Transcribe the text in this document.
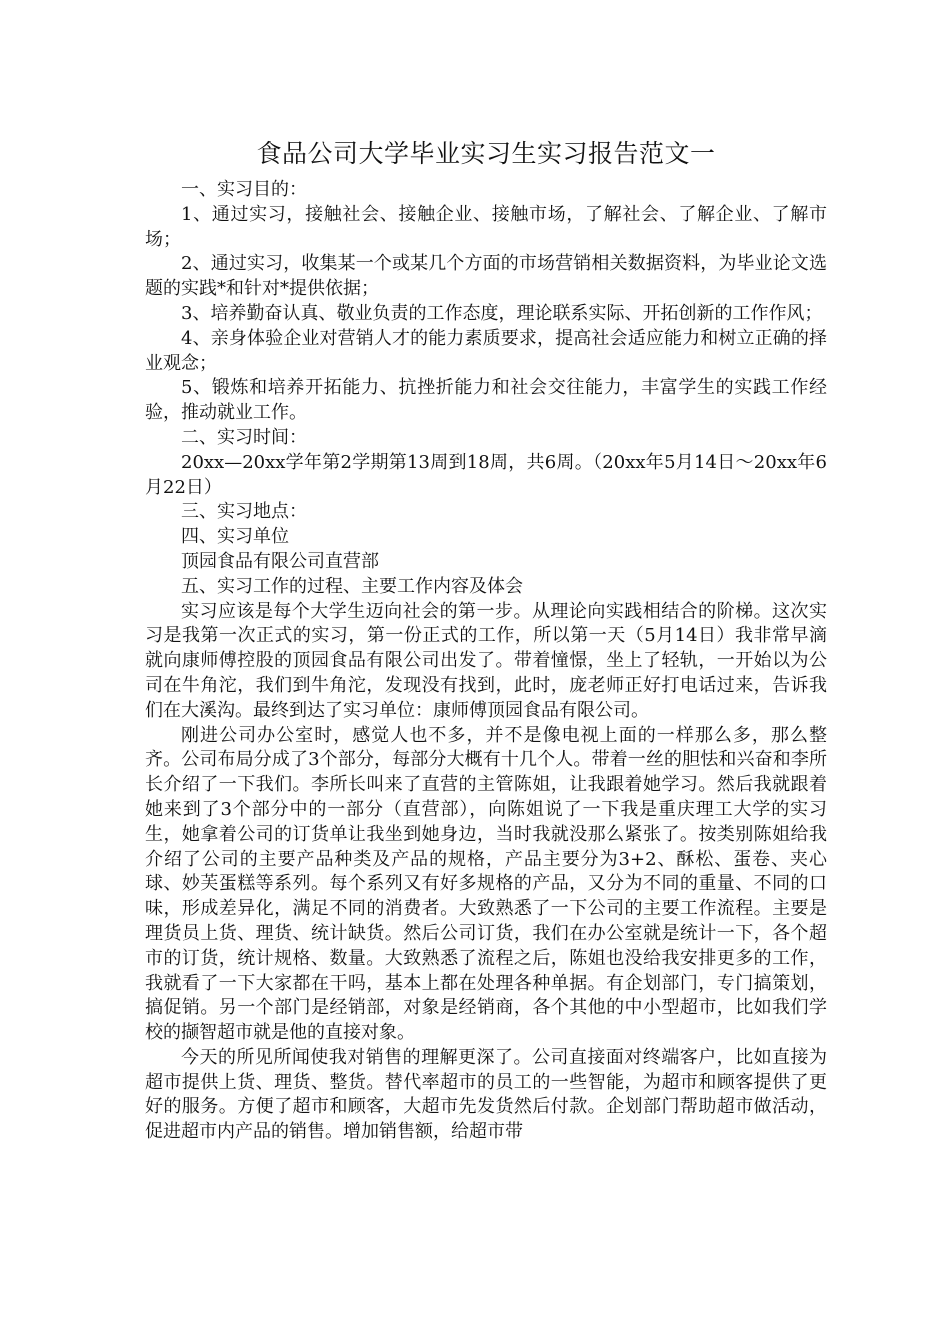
食品公司大学毕业实习生实习报告范文一

一、实习目的：

1、通过实习，接触社会、接触企业、接触市场，了解社会、了解企业、了解市场；

2、通过实习，收集某一个或某几个方面的市场营销相关数据资料，为毕业论文选题的实践*和针对*提供依据；

3、培养勤奋认真、敬业负责的工作态度，理论联系实际、开拓创新的工作作风；

4、亲身体验企业对营销人才的能力素质要求，提高社会适应能力和树立正确的择业观念；

5、锻炼和培养开拓能力、抗挫折能力和社会交往能力，丰富学生的实践工作经验，推动就业工作。

二、实习时间：

20xx—20xx学年第2学期第13周到18周，共6周。（20xx年5月14日～20xx年6月22日）

三、实习地点：

四、实习单位

顶园食品有限公司直营部

五、实习工作的过程、主要工作内容及体会

实习应该是每个大学生迈向社会的第一步。从理论向实践相结合的阶梯。这次实习是我第一次正式的实习，第一份正式的工作，所以第一天（5月14日）我非常早滴就向康师傅控股的顶园食品有限公司出发了。带着憧憬，坐上了轻轨，一开始以为公司在牛角沱，我们到牛角沱，发现没有找到，此时，庞老师正好打电话过来，告诉我们在大溪沟。最终到达了实习单位：康师傅顶园食品有限公司。

刚进公司办公室时，感觉人也不多，并不是像电视上面的一样那么多，那么整齐。公司布局分成了3个部分，每部分大概有十几个人。带着一丝的胆怯和兴奋和李所长介绍了一下我们。李所长叫来了直营的主管陈姐，让我跟着她学习。然后我就跟着她来到了3个部分中的一部分（直营部），向陈姐说了一下我是重庆理工大学的实习生，她拿着公司的订货单让我坐到她身边，当时我就没那么紧张了。按类别陈姐给我介绍了公司的主要产品种类及产品的规格，产品主要分为3+2、酥松、蛋卷、夹心球、妙芙蛋糕等系列。每个系列又有好多规格的产品，又分为不同的重量、不同的口味，形成差异化，满足不同的消费者。大致熟悉了一下公司的主要工作流程。主要是理货员上货、理货、统计缺货。然后公司订货，我们在办公室就是统计一下，各个超市的订货，统计规格、数量。大致熟悉了流程之后，陈姐也没给我安排更多的工作，我就看了一下大家都在干吗，基本上都在处理各种单据。有企划部门，专门搞策划，搞促销。另一个部门是经销部，对象是经销商，各个其他的中小型超市，比如我们学校的撷智超市就是他的直接对象。

今天的所见所闻使我对销售的理解更深了。公司直接面对终端客户，比如直接为超市提供上货、理货、整货。替代率超市的员工的一些智能，为超市和顾客提供了更好的服务。方便了超市和顾客，大超市先发货然后付款。企划部门帮助超市做活动，促进超市内产品的销售。增加销售额，给超市带
